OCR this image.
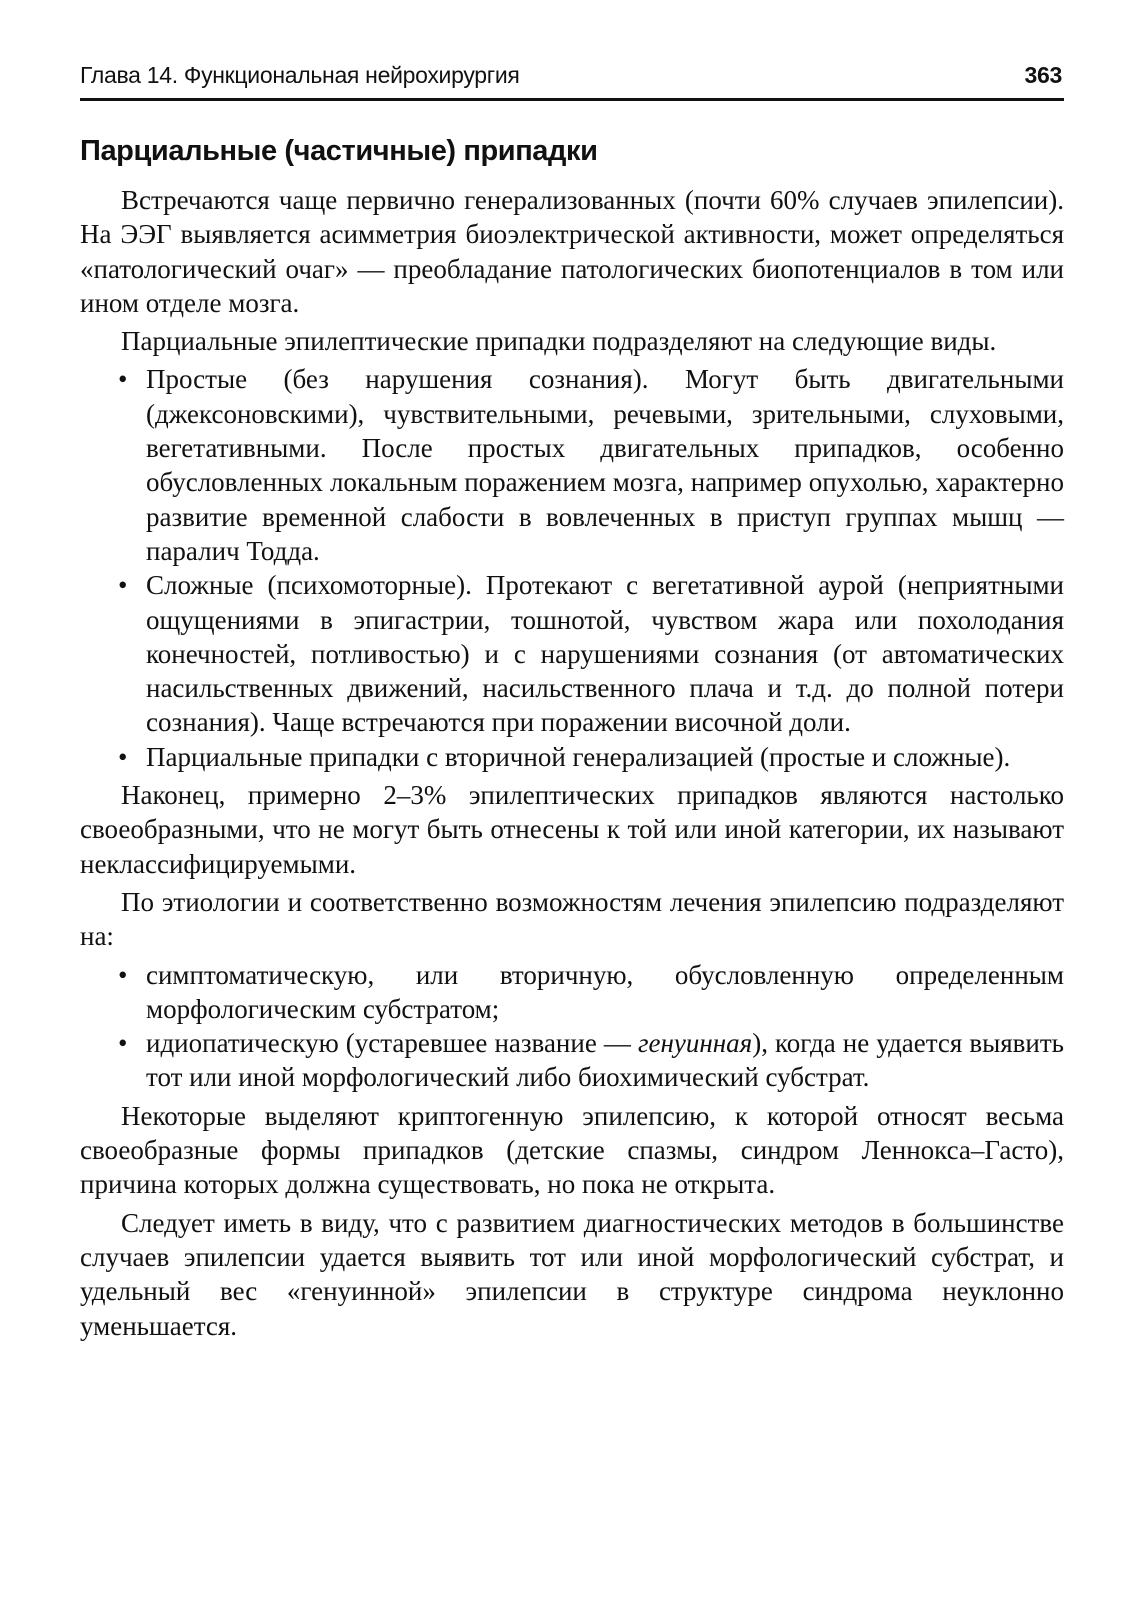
Глава 14. Функциональная нейрохирургия	363
Парциальные (частичные) припадки

Встречаются чаще первично генерализованных (почти 60% случаев эпилепсии). На ЭЭГ выявляется асимметрия биоэлектрической активности, может определяться «патологический очаг» — преобладание патологических биопотенциалов в том или ином отделе мозга.

Парциальные эпилептические припадки подразделяют на следующие виды.

• Простые (без нарушения сознания). Могут быть двигательными (джексоновскими), чувствительными, речевыми, зрительными, слуховыми, вегетативными. После простых двигательных припадков, особенно обусловленных локальным поражением мозга, например опухолью, характерно развитие временной слабости в вовлеченных в приступ группах мышц — паралич Тодда.
• Сложные (психомоторные). Протекают с вегетативной аурой (неприятными ощущениями в эпигастрии, тошнотой, чувством жара или похолодания конечностей, потливостью) и с нарушениями сознания (от автоматических насильственных движений, насильственного плача и т.д. до полной потери сознания). Чаще встречаются при поражении височной доли.
• Парциальные припадки с вторичной генерализацией (простые и сложные).

Наконец, примерно 2–3% эпилептических припадков являются настолько своеобразными, что не могут быть отнесены к той или иной категории, их называют неклассифицируемыми.

По этиологии и соответственно возможностям лечения эпилепсию подразделяют на:

• симптоматическую, или вторичную, обусловленную определенным морфологическим субстратом;
• идиопатическую (устаревшее название — генуинная), когда не удается выявить тот или иной морфологический либо биохимический субстрат.

Некоторые выделяют криптогенную эпилепсию, к которой относят весьма своеобразные формы припадков (детские спазмы, синдром Леннокса–Гасто), причина которых должна существовать, но пока не открыта.

Следует иметь в виду, что с развитием диагностических методов в большинстве случаев эпилепсии удается выявить тот или иной морфологический субстрат, и удельный вес «генуинной» эпилепсии в структуре синдрома неуклонно уменьшается.
